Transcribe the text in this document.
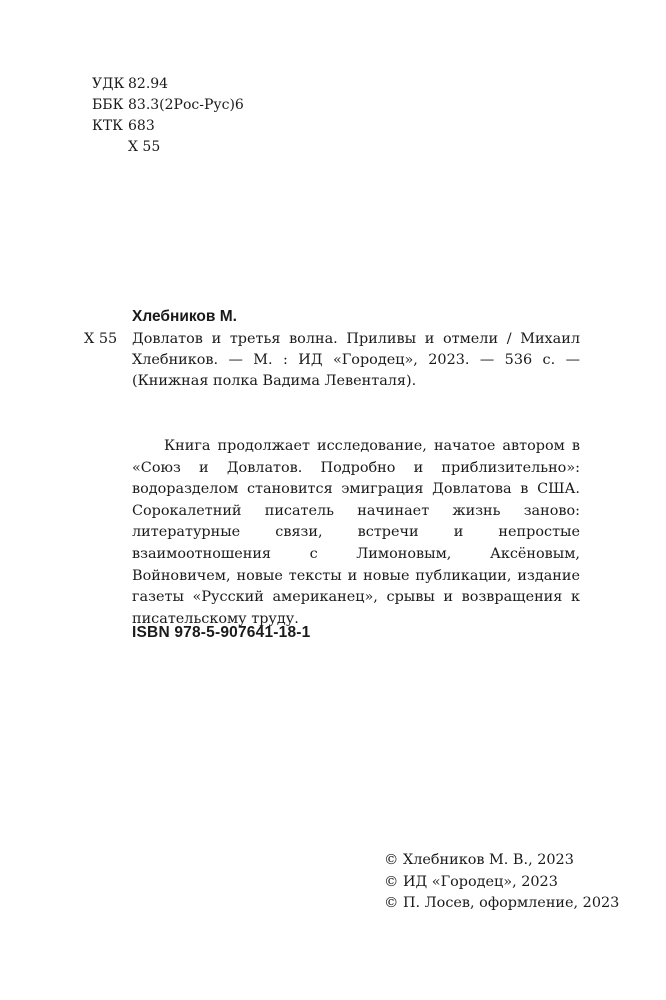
УДК 82.94
ББК 83.3(2Рос-Рус)6
КТК 683
Х 55
Хлебников М.
Х 55	Довлатов и третья волна. Приливы и отмели / Михаил Хлебников. — М. : ИД «Городец», 2023. — 536 с. — (Книжная полка Вадима Левенталя).
Книга продолжает исследование, начатое автором в «Союз и Довлатов. Подробно и приблизительно»: водоразделом становится эмиграция Довлатова в США. Сорокалетний писатель начинает жизнь заново: литературные связи, встречи и непростые взаимоотношения с Лимоновым, Аксёновым, Войновичем, новые тексты и новые публикации, издание газеты «Русский американец», срывы и возвращения к писательскому труду.
ISBN 978-5-907641-18-1
© Хлебников М. В., 2023
© ИД «Городец», 2023
© П. Лосев, оформление, 2023
